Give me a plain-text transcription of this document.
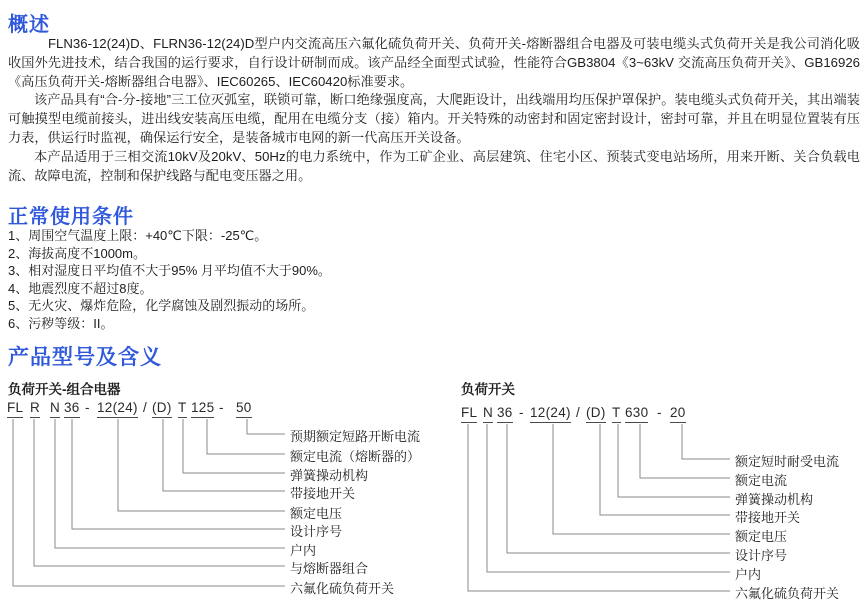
概述

FLN36-12(24)D、FLRN36-12(24)D型户内交流高压六氟化硫负荷开关、负荷开关-熔断器组合电器及可装电缆头式负荷开关是我公司消化吸收国外先进技术，结合我国的运行要求，自行设计研制而成。该产品经全面型式试验，性能符合GB3804《3~63kV 交流高压负荷开关》、GB16926《高压负荷开关-熔断器组合电器》、IEC60265、IEC60420标准要求。

该产品具有“合-分-接地”三工位灭弧室，联锁可靠，断口绝缘强度高，大爬距设计，出线端用均压保护罩保护。装电缆头式负荷开关，其出端装可触摸型电缆前接头，进出线安装高压电缆，配用在电缆分支（接）箱内。开关特殊的动密封和固定密封设计，密封可靠，并且在明显位置装有压力表，供运行时监视，确保运行安全，是装备城市电网的新一代高压开关设备。

本产品适用于三相交流10kV及20kV、50Hz的电力系统中，作为工矿企业、高层建筑、住宅小区、预装式变电站场所，用来开断、关合负载电流、故障电流，控制和保护线路与配电变压器之用。

正常使用条件
1、周围空气温度上限：+40℃下限：-25℃。
2、海拔高度不1000m。
3、相对湿度日平均值不大于95% 月平均值不大于90%。
4、地震烈度不超过8度。
5、无火灾、爆炸危险，化学腐蚀及剧烈振动的场所。
6、污秽等级：II。
产品型号及含义

负荷开关-组合电器	负荷开关

FL R N 36 - 12(24) / (D) T 125 - 50
预期额定短路开断电流
额定电流（熔断器的）
弹簧操动机构
带接地开关
额定电压
设计序号
户内
与熔断器组合
六氟化硫负荷开关
FL N 36 - 12(24) / (D) T 630 - 20
额定短时耐受电流
额定电流
弹簧操动机构
带接地开关
额定电压
设计序号
户内
六氟化硫负荷开关
